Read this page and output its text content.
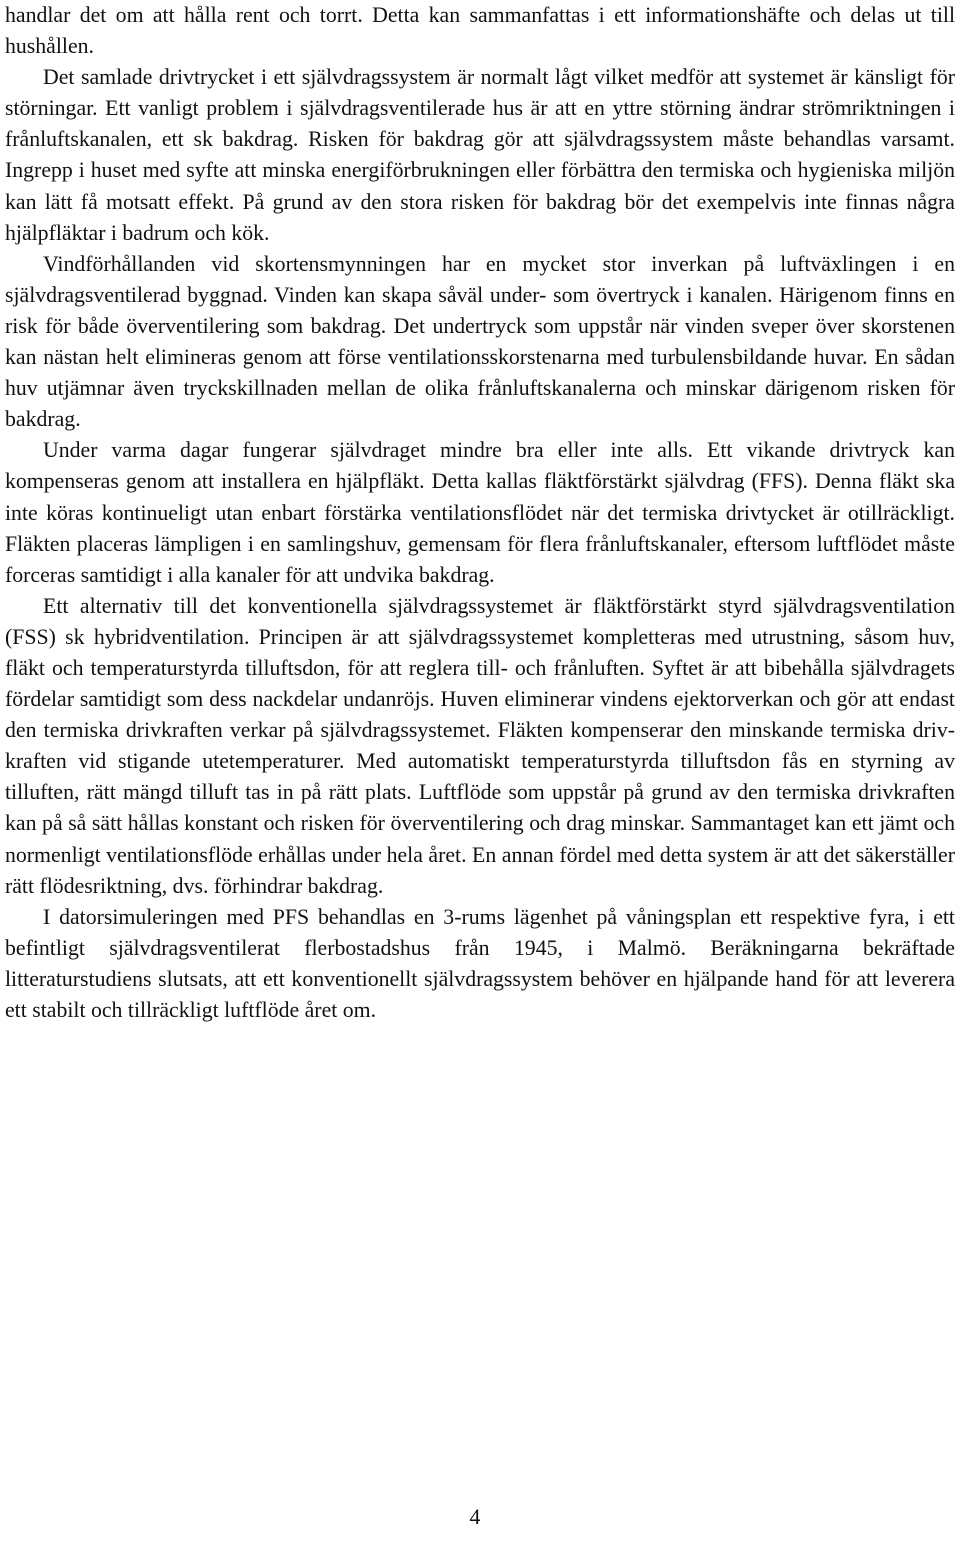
handlar det om att hålla rent och torrt. Detta kan sammanfattas i ett informationshäfte och delas ut till hushållen.

Det samlade drivtrycket i ett självdragssystem är normalt lågt vilket medför att systemet är känsligt för störningar. Ett vanligt problem i självdragsventilerade hus är att en yttre störning ändrar strömriktningen i frånluftskanalen, ett sk bakdrag. Risken för bakdrag gör att självdragssystem måste behandlas varsamt. Ingrepp i huset med syfte att minska energiförbrukningen eller förbättra den termiska och hygieniska miljön kan lätt få motsatt effekt. På grund av den stora risken för bakdrag bör det exempelvis inte finnas några hjälpfläktar i badrum och kök.

Vindförhållanden vid skortensmynningen har en mycket stor inverkan på luftväxlingen i en självdragsventilerad byggnad. Vinden kan skapa såväl under- som övertryck i kanalen. Härigenom finns en risk för både överventilering som bakdrag. Det undertryck som uppstår när vinden sveper över skorstenen kan nästan helt elimineras genom att förse ventilationsskorstenarna med turbulensbildande huvar. En sådan huv utjämnar även tryckskillnaden mellan de olika frånluftskanalerna och minskar därigenom risken för bakdrag.

Under varma dagar fungerar självdraget mindre bra eller inte alls. Ett vikande drivtryck kan kompenseras genom att installera en hjälpfläkt. Detta kallas fläktförstärkt självdrag (FFS). Denna fläkt ska inte köras kontinueligt utan enbart förstärka ventilationsflödet när det termiska drivtycket är otillräckligt. Fläkten placeras lämpligen i en samlingshuv, gemensam för flera frånluftskanaler, eftersom luftflödet måste forceras samtidigt i alla kanaler för att undvika bakdrag.

Ett alternativ till det konventionella självdragssystemet är fläktförstärkt styrd självdragsventilation (FSS) sk hybridventilation. Principen är att självdragssystemet kompletteras med utrustning, såsom huv, fläkt och temperaturstyrda tilluftsdon, för att reglera till- och frånluften. Syftet är att bibehålla självdragets fördelar samtidigt som dess nackdelar undanröjs. Huven eliminerar vindens ejektorverkan och gör att endast den termiska drivkraften verkar på självdragssystemet. Fläkten kompenserar den minskande termiska drivkraften vid stigande utetemperaturer. Med automatiskt temperaturstyrda tilluftsdon fås en styrning av tilluften, rätt mängd tilluft tas in på rätt plats. Luftflöde som uppstår på grund av den termiska drivkraften kan på så sätt hållas konstant och risken för överventilering och drag minskar. Sammantaget kan ett jämt och normenligt ventilationsflöde erhållas under hela året. En annan fördel med detta system är att det säkerställer rätt flödesriktning, dvs. förhindrar bakdrag.

I datorsimuleringen med PFS behandlas en 3-rums lägenhet på våningsplan ett respektive fyra, i ett befintligt självdragsventilerat flerbostadshus från 1945, i Malmö. Beräkningarna bekräftade litteraturstudiens slutsats, att ett konventionellt självdragssystem behöver en hjälpande hand för att leverera ett stabilt och tillräckligt luftflöde året om.

4
